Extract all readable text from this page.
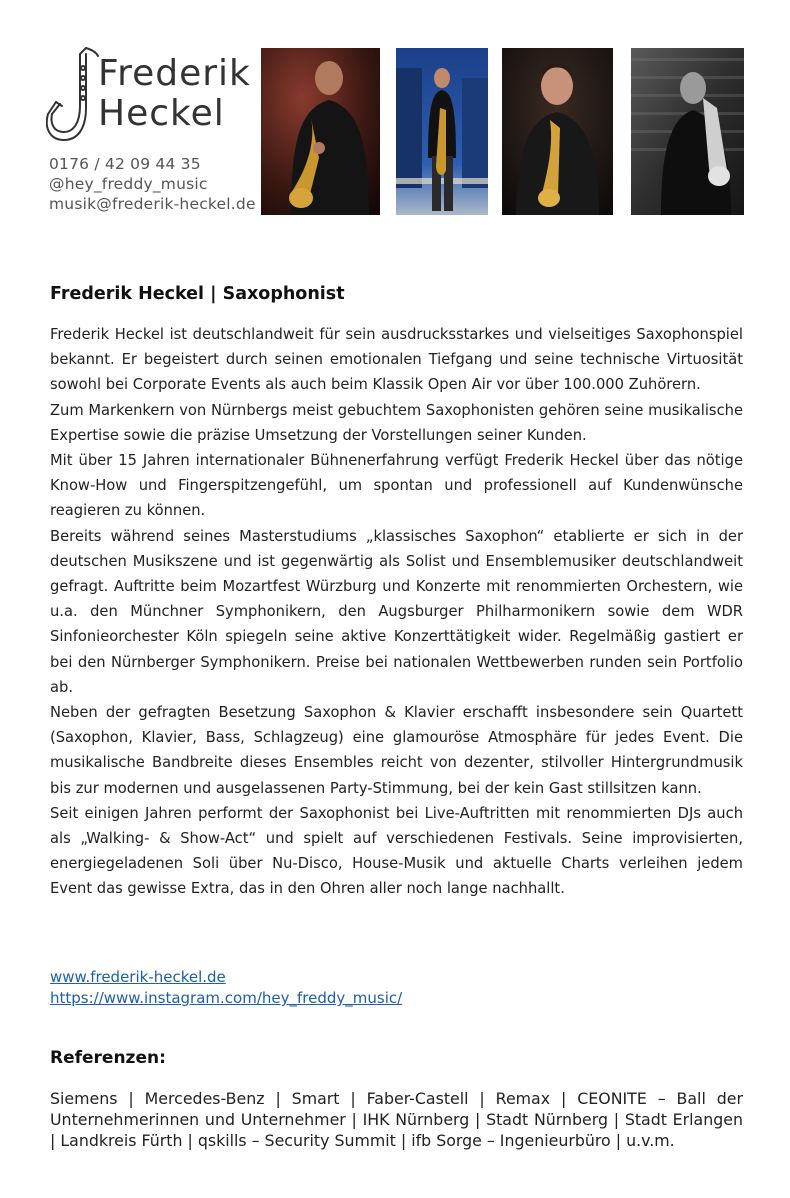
Frederik
Heckel
0176 / 42 09 44 35
@hey_freddy_music
musik@frederik-heckel.de
Frederik Heckel | Saxophonist

Frederik Heckel ist deutschlandweit für sein ausdrucksstarkes und vielseitiges Saxophonspiel bekannt. Er begeistert durch seinen emotionalen Tiefgang und seine technische Virtuosität sowohl bei Corporate Events als auch beim Klassik Open Air vor über 100.000 Zuhörern.

Zum Markenkern von Nürnbergs meist gebuchtem Saxophonisten gehören seine musikalische Expertise sowie die präzise Umsetzung der Vorstellungen seiner Kunden.

Mit über 15 Jahren internationaler Bühnenerfahrung verfügt Frederik Heckel über das nötige Know-How und Fingerspitzengefühl, um spontan und professionell auf Kundenwünsche reagieren zu können.

Bereits während seines Masterstudiums „klassisches Saxophon“ etablierte er sich in der deutschen Musikszene und ist gegenwärtig als Solist und Ensemblemusiker deutschlandweit gefragt. Auftritte beim Mozartfest Würzburg und Konzerte mit renommierten Orchestern, wie u.a. den Münchner Symphonikern, den Augsburger Philharmonikern sowie dem WDR Sinfonieorchester Köln spiegeln seine aktive Konzerttätigkeit wider. Regelmäßig gastiert er bei den Nürnberger Symphonikern. Preise bei nationalen Wettbewerben runden sein Portfolio ab.

Neben der gefragten Besetzung Saxophon & Klavier erschafft insbesondere sein Quartett (Saxophon, Klavier, Bass, Schlagzeug) eine glamouröse Atmosphäre für jedes Event. Die musikalische Bandbreite dieses Ensembles reicht von dezenter, stilvoller Hintergrundmusik bis zur modernen und ausgelassenen Party-Stimmung, bei der kein Gast stillsitzen kann.

Seit einigen Jahren performt der Saxophonist bei Live-Auftritten mit renommierten DJs auch als „Walking- & Show-Act“ und spielt auf verschiedenen Festivals. Seine improvisierten, energiegeladenen Soli über Nu-Disco, House-Musik und aktuelle Charts verleihen jedem Event das gewisse Extra, das in den Ohren aller noch lange nachhallt.

www.frederik-heckel.de
https://www.instagram.com/hey_freddy_music/
Referenzen:
Siemens | Mercedes-Benz | Smart | Faber-Castell | Remax | CEONITE – Ball der Unternehmerinnen und Unternehmer | IHK Nürnberg | Stadt Nürnberg | Stadt Erlangen | Landkreis Fürth | qskills – Security Summit | ifb Sorge – Ingenieurbüro | u.v.m.
